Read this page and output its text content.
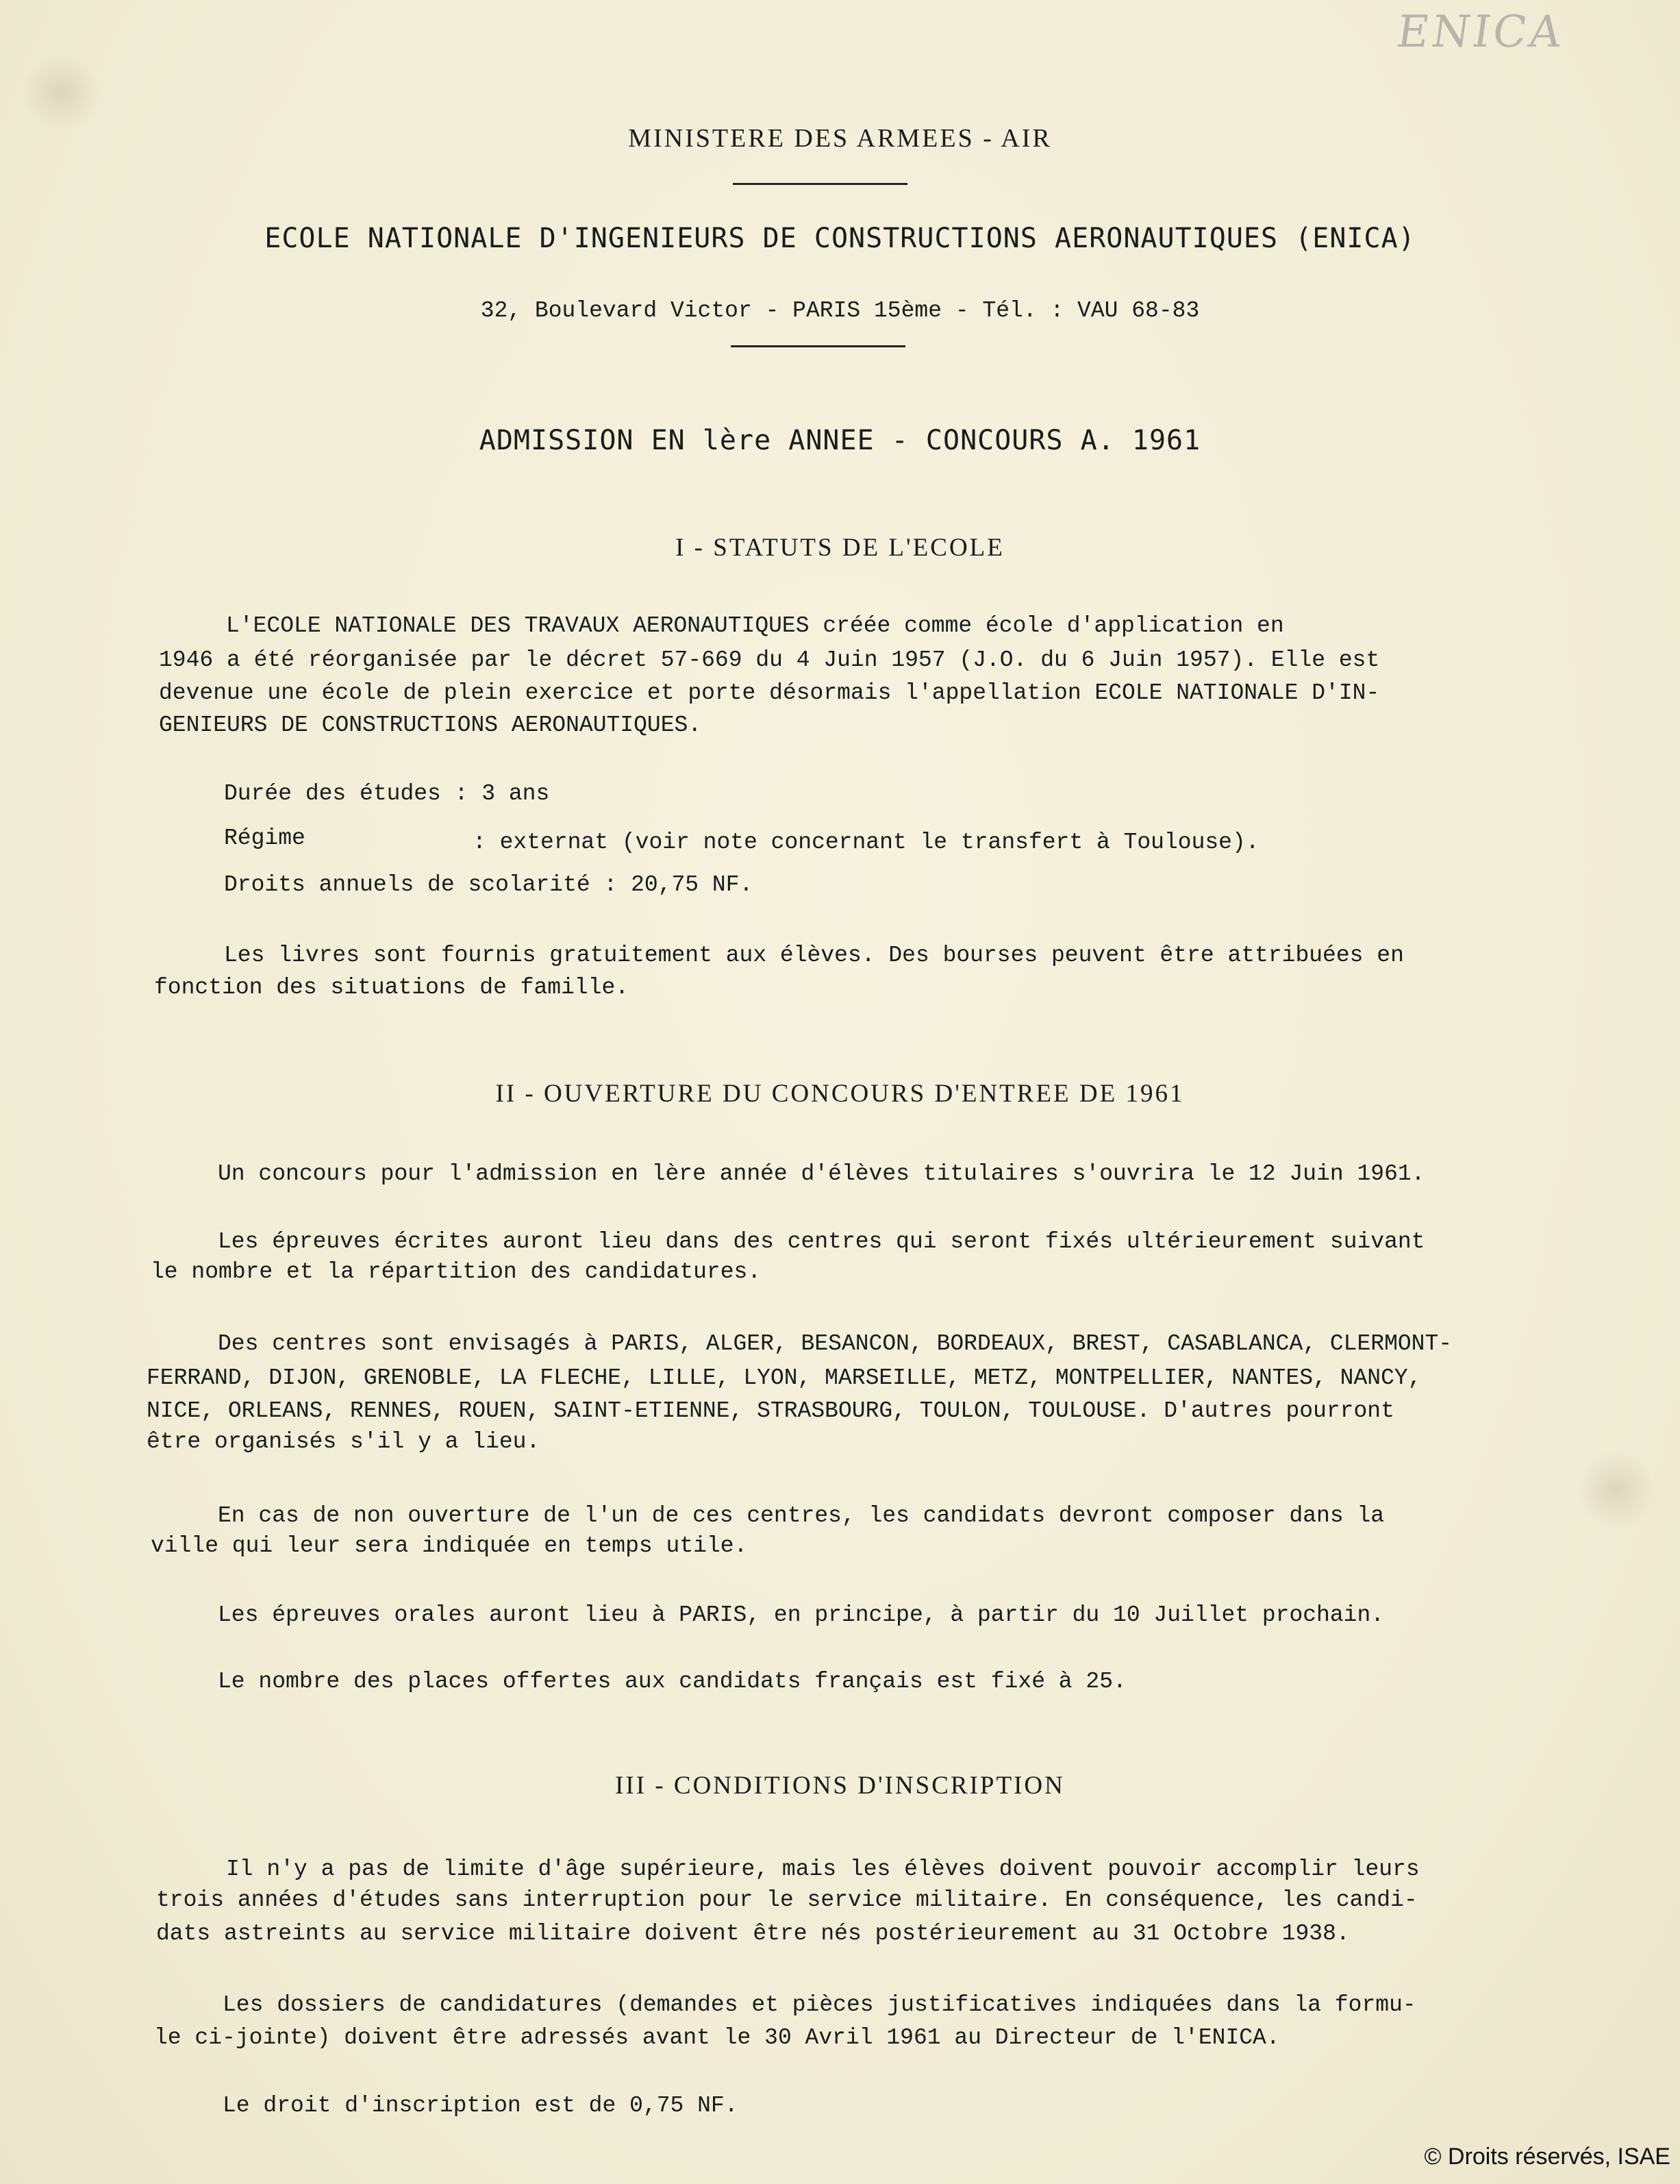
ENICA
MINISTERE DES ARMEES - AIR
ECOLE NATIONALE D'INGENIEURS DE CONSTRUCTIONS AERONAUTIQUES (ENICA)
32, Boulevard Victor - PARIS 15ème - Tél. : VAU 68-83
ADMISSION EN lère ANNEE - CONCOURS A. 1961
I - STATUTS DE L'ECOLE
L'ECOLE NATIONALE DES TRAVAUX AERONAUTIQUES créée comme école d'application en
1946 a été réorganisée par le décret 57-669 du 4 Juin 1957 (J.O. du 6 Juin 1957). Elle est
devenue une école de plein exercice et porte désormais l'appellation ECOLE NATIONALE D'IN-
GENIEURS DE CONSTRUCTIONS AERONAUTIQUES.
Durée des études : 3 ans
Régime	: externat (voir note concernant le transfert à Toulouse).
Droits annuels de scolarité : 20,75 NF.
Les livres sont fournis gratuitement aux élèves. Des bourses peuvent être attribuées en
fonction des situations de famille.
II - OUVERTURE DU CONCOURS D'ENTREE DE 1961
Un concours pour l'admission en lère année d'élèves titulaires s'ouvrira le 12 Juin 1961.
Les épreuves écrites auront lieu dans des centres qui seront fixés ultérieurement suivant
le nombre et la répartition des candidatures.
Des centres sont envisagés à PARIS, ALGER, BESANCON, BORDEAUX, BREST, CASABLANCA, CLERMONT-
FERRAND, DIJON, GRENOBLE, LA FLECHE, LILLE, LYON, MARSEILLE, METZ, MONTPELLIER, NANTES, NANCY,
NICE, ORLEANS, RENNES, ROUEN, SAINT-ETIENNE, STRASBOURG, TOULON, TOULOUSE. D'autres pourront
être organisés s'il y a lieu.
En cas de non ouverture de l'un de ces centres, les candidats devront composer dans la
ville qui leur sera indiquée en temps utile.
Les épreuves orales auront lieu à PARIS, en principe, à partir du 10 Juillet prochain.
Le nombre des places offertes aux candidats français est fixé à 25.
III - CONDITIONS D'INSCRIPTION
Il n'y a pas de limite d'âge supérieure, mais les élèves doivent pouvoir accomplir leurs
trois années d'études sans interruption pour le service militaire. En conséquence, les candi-
dats astreints au service militaire doivent être nés postérieurement au 31 Octobre 1938.
Les dossiers de candidatures (demandes et pièces justificatives indiquées dans la formu-
le ci-jointe) doivent être adressés avant le 30 Avril 1961 au Directeur de l'ENICA.
Le droit d'inscription est de 0,75 NF.
© Droits réservés, ISAE
